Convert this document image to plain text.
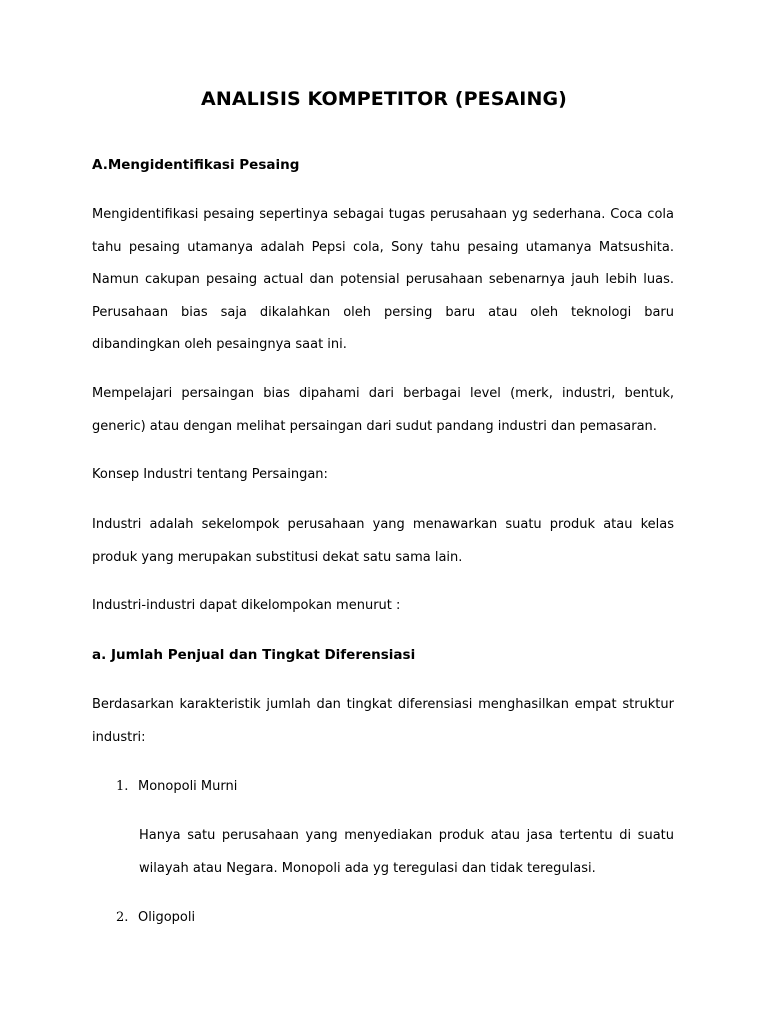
ANALISIS KOMPETITOR (PESAING)
A.Mengidentifikasi Pesaing

Mengidentifikasi pesaing sepertinya sebagai tugas perusahaan yg sederhana. Coca cola tahu pesaing utamanya adalah Pepsi cola, Sony tahu pesaing utamanya Matsushita. Namun cakupan pesaing actual dan potensial perusahaan sebenarnya jauh lebih luas. Perusahaan bias saja dikalahkan oleh persing baru atau oleh teknologi baru dibandingkan oleh pesaingnya saat ini.

Mempelajari persaingan bias dipahami dari berbagai level (merk, industri, bentuk, generic) atau dengan melihat persaingan dari sudut pandang industri dan pemasaran.

Konsep Industri tentang Persaingan:

Industri adalah sekelompok perusahaan yang menawarkan suatu produk atau kelas produk yang merupakan substitusi dekat satu sama lain.

Industri-industri dapat dikelompokan menurut :

a. Jumlah Penjual dan Tingkat Diferensiasi

Berdasarkan karakteristik jumlah dan tingkat diferensiasi menghasilkan empat struktur industri:

1. Monopoli Murni

Hanya satu perusahaan yang menyediakan produk atau jasa tertentu di suatu wilayah atau Negara. Monopoli ada yg teregulasi dan tidak teregulasi.

2. Oligopoli
